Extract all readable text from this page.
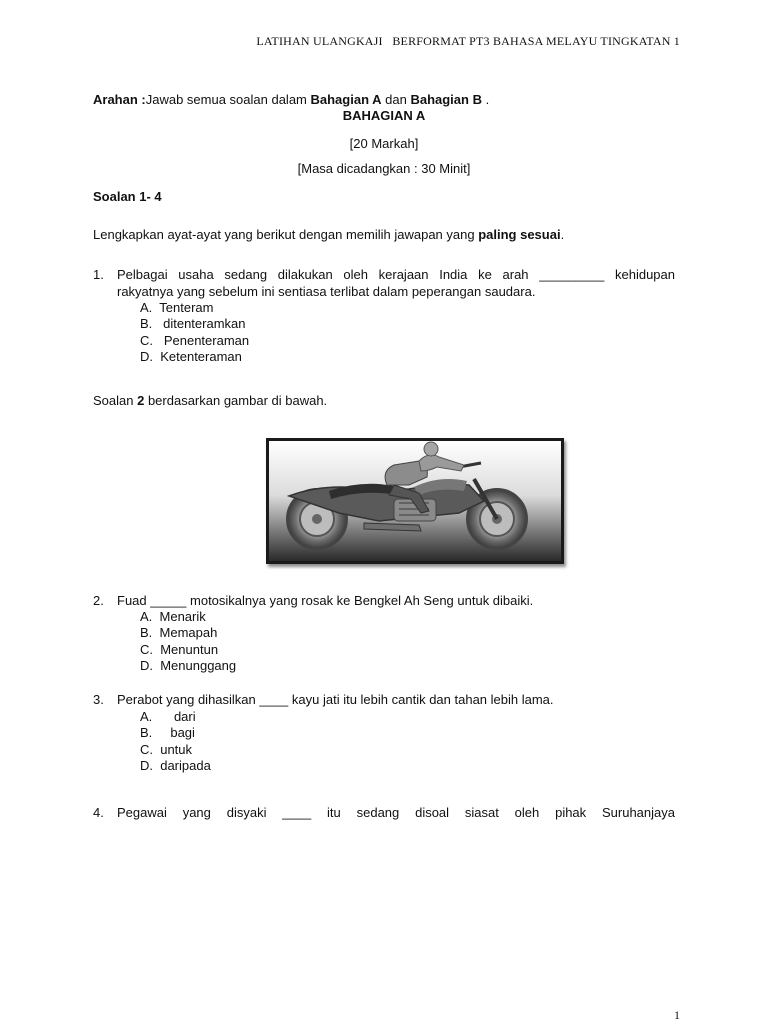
LATIHAN ULANGKAJI   BERFORMAT PT3 BAHASA MELAYU TINGKATAN 1
Arahan :Jawab semua soalan dalam Bahagian A dan Bahagian B .
BAHAGIAN A
[20 Markah]
[Masa dicadangkan : 30 Minit]
Soalan 1- 4
Lengkapkan ayat-ayat yang berikut dengan memilih jawapan yang paling sesuai.
1. Pelbagai usaha sedang dilakukan oleh kerajaan India ke arah _________ kehidupan
rakyatnya yang sebelum ini sentiasa terlibat dalam peperangan saudara.
A.  Tenteram
B.   ditenteramkan
C.   Penenteraman
D.  Ketenteraman
Soalan 2 berdasarkan gambar di bawah.
2. Fuad _____ motosikalnya yang rosak ke Bengkel Ah Seng untuk dibaiki.
A.  Menarik
B.  Memapah
C.  Menuntun
D.  Menunggang
3. Perabot yang dihasilkan ____ kayu jati itu lebih cantik dan tahan lebih lama.
A.      dari
B.     bagi
C.  untuk
D.  daripada
4. Pegawai yang disyaki ____ itu sedang disoal siasat oleh pihak Suruhanjaya
1
